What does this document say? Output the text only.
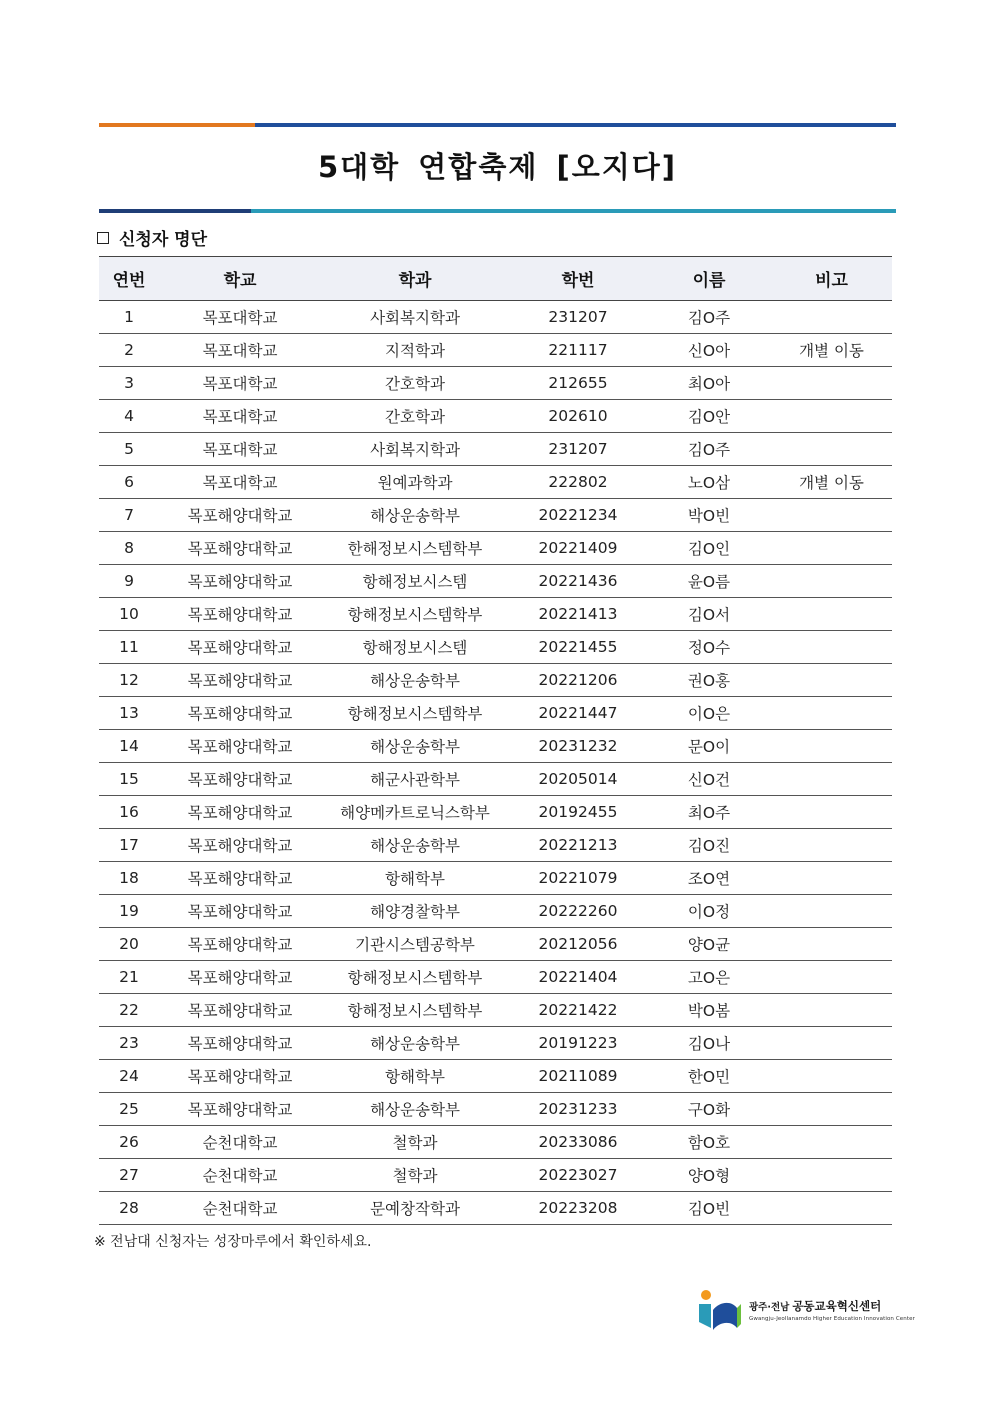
5대학 연합축제 [오지다]
신청자 명단
연번	학교	학과	학번	이름	비고
1	목포대학교	사회복지학과	231207	김O주	
2	목포대학교	지적학과	221117	신O아	개별 이동
3	목포대학교	간호학과	212655	최O아	
4	목포대학교	간호학과	202610	김O안	
5	목포대학교	사회복지학과	231207	김O주	
6	목포대학교	원예과학과	222802	노O삼	개별 이동
7	목포해양대학교	해상운송학부	20221234	박O빈	
8	목포해양대학교	한해정보시스템학부	20221409	김O인	
9	목포해양대학교	항해정보시스템	20221436	윤O름	
10	목포해양대학교	항해정보시스템학부	20221413	김O서	
11	목포해양대학교	항해정보시스템	20221455	정O수	
12	목포해양대학교	해상운송학부	20221206	권O홍	
13	목포해양대학교	항해정보시스템학부	20221447	이O은	
14	목포해양대학교	해상운송학부	20231232	문O이	
15	목포해양대학교	해군사관학부	20205014	신O건	
16	목포해양대학교	해양메카트로닉스학부	20192455	최O주	
17	목포해양대학교	해상운송학부	20221213	김O진	
18	목포해양대학교	항해학부	20221079	조O연	
19	목포해양대학교	해양경찰학부	20222260	이O정	
20	목포해양대학교	기관시스템공학부	20212056	양O균	
21	목포해양대학교	항해정보시스템학부	20221404	고O은	
22	목포해양대학교	항해정보시스템학부	20221422	박O봄	
23	목포해양대학교	해상운송학부	20191223	김O나	
24	목포해양대학교	항해학부	20211089	한O민	
25	목포해양대학교	해상운송학부	20231233	구O화	
26	순천대학교	철학과	20233086	함O호	
27	순천대학교	철학과	20223027	양O형	
28	순천대학교	문예창작학과	20223208	김O빈	
※ 전남대 신청자는 성장마루에서 확인하세요.
광주·전남 공동교육혁신센터
Gwangju-Jeollanamdo Higher Education Innovation Center
